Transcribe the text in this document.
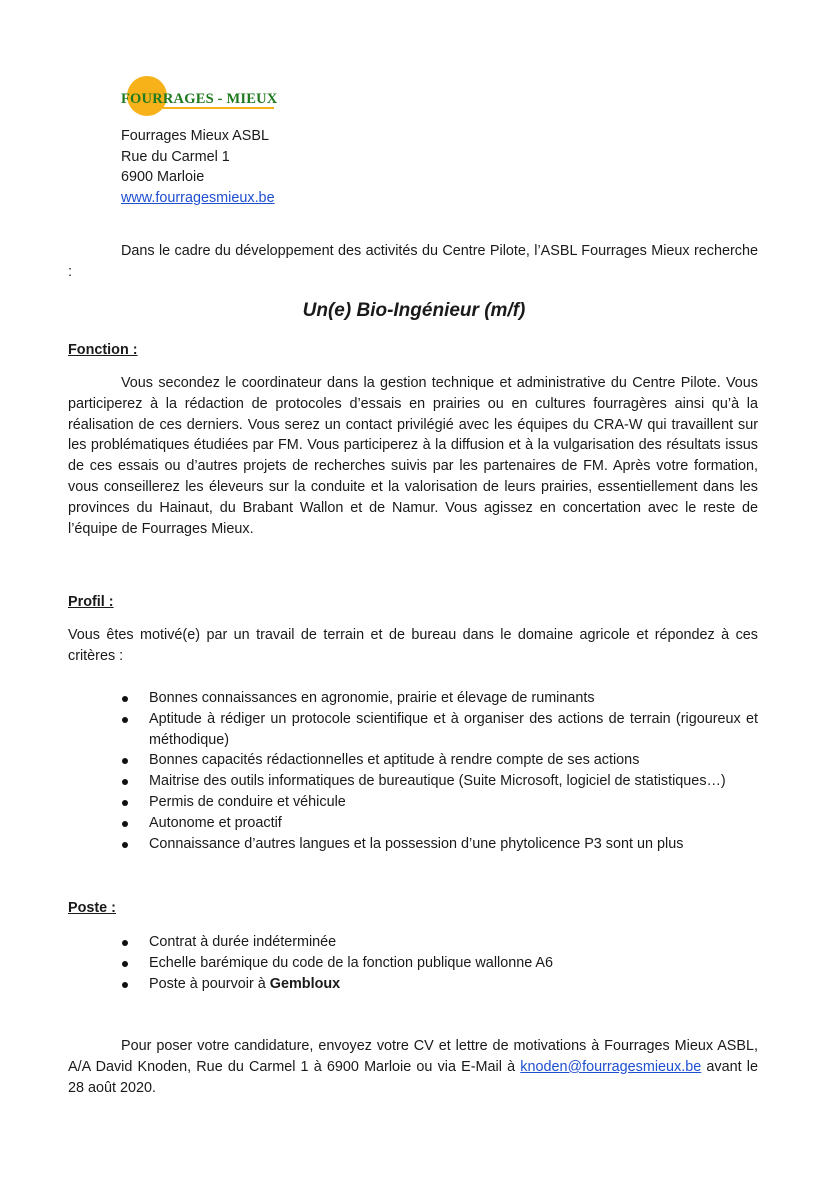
FOURRAGES - MIEUX
Fourrages Mieux ASBL
Rue du Carmel 1
6900 Marloie
www.fourragesmieux.be
Dans le cadre du développement des activités du Centre Pilote, l’ASBL Fourrages Mieux recherche :
Un(e) Bio-Ingénieur (m/f)
Fonction :
Vous secondez le coordinateur dans la gestion technique et administrative du Centre Pilote. Vous participerez à la rédaction de protocoles d’essais en prairies ou en cultures fourragères ainsi qu’à la réalisation de ces derniers. Vous serez un contact privilégié avec les équipes du CRA-W qui travaillent sur les problématiques étudiées par FM. Vous participerez à la diffusion et à la vulgarisation des résultats issus de ces essais ou d’autres projets de recherches suivis par les partenaires de FM. Après votre formation, vous conseillerez les éleveurs sur la conduite et la valorisation de leurs prairies, essentiellement dans les provinces du Hainaut, du Brabant Wallon et de Namur. Vous agissez en concertation avec le reste de l’équipe de Fourrages Mieux.
Profil :
Vous êtes motivé(e) par un travail de terrain et de bureau dans le domaine agricole et répondez à ces critères :
Bonnes connaissances en agronomie, prairie et élevage de ruminants
Aptitude à rédiger un protocole scientifique et à organiser des actions de terrain (rigoureux et méthodique)
Bonnes capacités rédactionnelles et aptitude à rendre compte de ses actions
Maitrise des outils informatiques de bureautique (Suite Microsoft, logiciel de statistiques…)
Permis de conduire et véhicule
Autonome et proactif
Connaissance d’autres langues et la possession d’une phytolicence P3 sont un plus
Poste :
Contrat à durée indéterminée
Echelle barémique du code de la fonction publique wallonne A6
Poste à pourvoir à Gembloux
Pour poser votre candidature, envoyez votre CV et lettre de motivations à Fourrages Mieux ASBL, A/A David Knoden, Rue du Carmel 1 à 6900 Marloie ou via E-Mail à knoden@fourragesmieux.be avant le 28 août 2020.
